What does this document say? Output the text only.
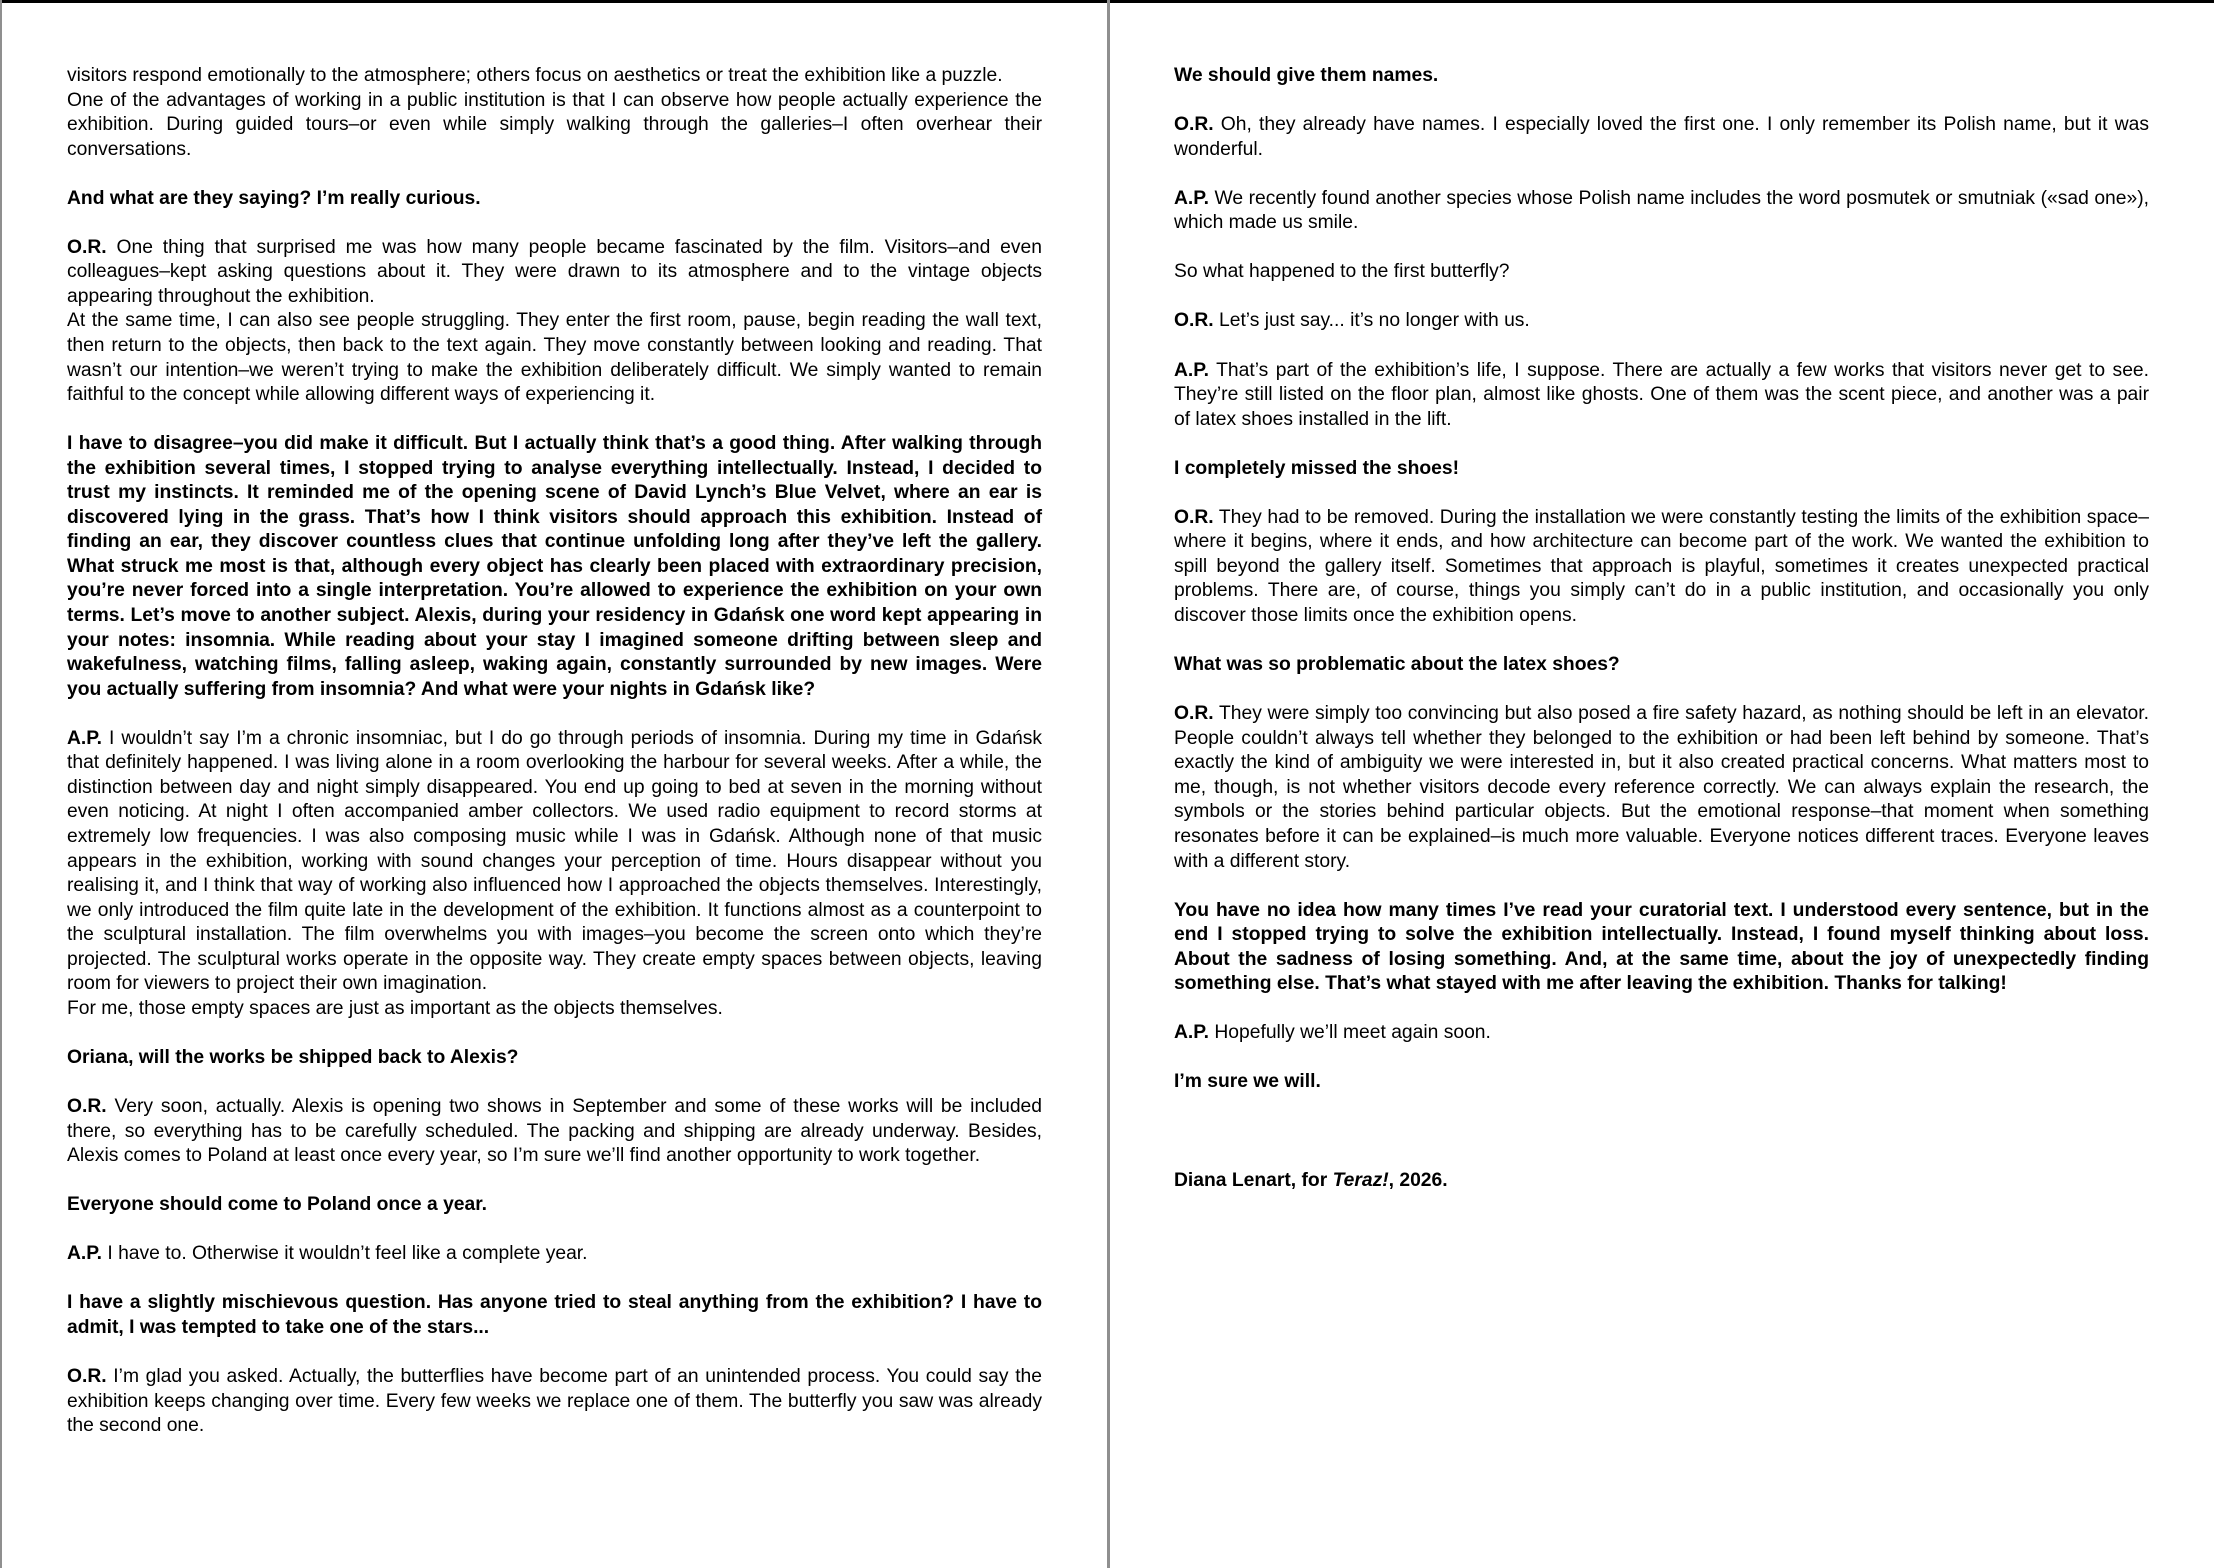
visitors respond emotionally to the atmosphere; others focus on aesthetics or treat the exhibition like a puzzle.

One of the advantages of working in a public institution is that I can observe how people actually experience the exhibition. During guided tours–or even while simply walking through the galleries–I often overhear their conversations.

And what are they saying? I’m really curious.

O.R. One thing that surprised me was how many people became fascinated by the film. Visitors–and even colleagues–kept asking questions about it. They were drawn to its atmosphere and to the vintage objects appearing throughout the exhibition.

At the same time, I can also see people struggling. They enter the first room, pause, begin reading the wall text, then return to the objects, then back to the text again. They move constantly between looking and reading. That wasn’t our intention–we weren’t trying to make the exhibition deliberately difficult. We simply wanted to remain faithful to the concept while allowing different ways of experiencing it.

I have to disagree–you did make it difficult. But I actually think that’s a good thing. After walking through the exhibition several times, I stopped trying to analyse everything intellectually. Instead, I decided to trust my instincts. It reminded me of the opening scene of David Lynch’s Blue Velvet, where an ear is discovered lying in the grass. That’s how I think visitors should approach this exhibition. Instead of finding an ear, they discover countless clues that continue unfolding long after they’ve left the gallery. What struck me most is that, although every object has clearly been placed with extraordinary precision, you’re never forced into a single interpretation. You’re allowed to experience the exhibition on your own terms. Let’s move to another subject. Alexis, during your residency in Gdańsk one word kept appearing in your notes: insomnia. While reading about your stay I imagined someone drifting between sleep and wakefulness, watching films, falling asleep, waking again, constantly surrounded by new images. Were you actually suffering from insomnia? And what were your nights in Gdańsk like?

A.P. I wouldn’t say I’m a chronic insomniac, but I do go through periods of insomnia. During my time in Gdańsk that definitely happened. I was living alone in a room overlooking the harbour for several weeks. After a while, the distinction between day and night simply disappeared. You end up going to bed at seven in the morning without even noticing. At night I often accompanied amber collectors. We used radio equipment to record storms at extremely low frequencies. I was also composing music while I was in Gdańsk. Although none of that music appears in the exhibition, working with sound changes your perception of time. Hours disappear without you realising it, and I think that way of working also influenced how I approached the objects themselves. Interestingly, we only introduced the film quite late in the development of the exhibition. It functions almost as a counterpoint to the sculptural installation. The film overwhelms you with images–you become the screen onto which they’re projected. The sculptural works operate in the opposite way. They create empty spaces between objects, leaving room for viewers to project their own imagination.

For me, those empty spaces are just as important as the objects themselves.

Oriana, will the works be shipped back to Alexis?

O.R. Very soon, actually. Alexis is opening two shows in September and some of these works will be included there, so everything has to be carefully scheduled. The packing and shipping are already underway. Besides, Alexis comes to Poland at least once every year, so I’m sure we’ll find another opportunity to work together.

Everyone should come to Poland once a year.

A.P. I have to. Otherwise it wouldn’t feel like a complete year.

I have a slightly mischievous question. Has anyone tried to steal anything from the exhibition? I have to admit, I was tempted to take one of the stars...

O.R. I’m glad you asked. Actually, the butterflies have become part of an unintended process. You could say the exhibition keeps changing over time. Every few weeks we replace one of them. The butterfly you saw was already the second one.

We should give them names.

O.R. Oh, they already have names. I especially loved the first one. I only remember its Polish name, but it was wonderful.

A.P. We recently found another species whose Polish name includes the word posmutek or smutniak («sad one»), which made us smile.

So what happened to the first butterfly?

O.R. Let’s just say... it’s no longer with us.

A.P. That’s part of the exhibition’s life, I suppose. There are actually a few works that visitors never get to see. They’re still listed on the floor plan, almost like ghosts. One of them was the scent piece, and another was a pair of latex shoes installed in the lift.

I completely missed the shoes!

O.R. They had to be removed. During the installation we were constantly testing the limits of the exhibition space–where it begins, where it ends, and how architecture can become part of the work. We wanted the exhibition to spill beyond the gallery itself. Sometimes that approach is playful, sometimes it creates unexpected practical problems. There are, of course, things you simply can’t do in a public institution, and occasionally you only discover those limits once the exhibition opens.

What was so problematic about the latex shoes?

O.R. They were simply too convincing but also posed a fire safety hazard, as nothing should be left in an elevator. People couldn’t always tell whether they belonged to the exhibition or had been left behind by someone. That’s exactly the kind of ambiguity we were interested in, but it also created practical concerns. What matters most to me, though, is not whether visitors decode every reference correctly. We can always explain the research, the symbols or the stories behind particular objects. But the emotional response–that moment when something resonates before it can be explained–is much more valuable. Everyone notices different traces. Everyone leaves with a different story.

You have no idea how many times I’ve read your curatorial text. I understood every sentence, but in the end I stopped trying to solve the exhibition intellectually. Instead, I found myself thinking about loss. About the sadness of losing something. And, at the same time, about the joy of unexpectedly finding something else. That’s what stayed with me after leaving the exhibition. Thanks for talking!

A.P. Hopefully we’ll meet again soon.

I’m sure we will.

Diana Lenart, for Teraz!, 2026.
